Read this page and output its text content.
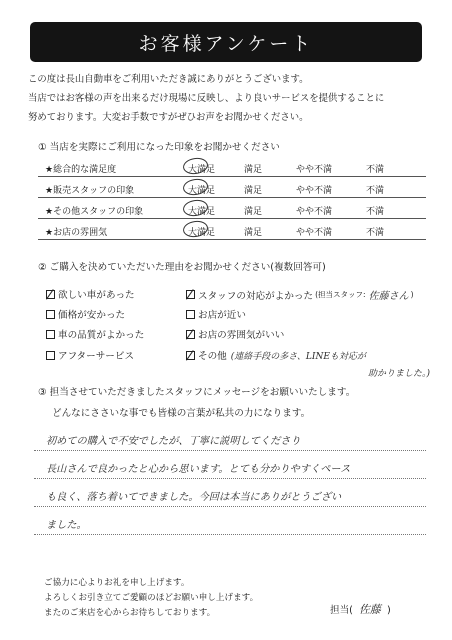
お客様アンケート
この度は長山自動車をご利用いただき誠にありがとうございます。
当店ではお客様の声を出来るだけ現場に反映し、より良いサービスを提供することに
努めております。大変お手数ですがぜひお声をお聞かせください。
① 当店を実際にご利用になった印象をお聞かせください
★総合的な満足度	大満足	満足	やや不満	不満
★販売スタッフの印象	大満足	満足	やや不満	不満
★その他スタッフの印象	大満足	満足	やや不満	不満
★お店の雰囲気	大満足	満足	やや不満	不満
② ご購入を決めていただいた理由をお聞かせください(複数回答可)
欲しい車があった	スタッフの対応がよかった (担当スタッフ: 佐藤さん )
価格が安かった	お店が近い
車の品質がよかった	お店の雰囲気がいい
アフターサービス	その他 (連絡手段の多さ、LINEも対応が
助かりました。)
③ 担当させていただきましたスタッフにメッセージをお願いいたします。
どんなにささいな事でも皆様の言葉が私共の力になります。
初めての購入で不安でしたが、丁寧に説明してくださり
長山さんで良かったと心から思います。とても分かりやすくペース
も良く、落ち着いてできました。今回は本当にありがとうござい
ました。
ご協力に心よりお礼を申し上げます。
よろしくお引き立てご愛顧のほどお願い申し上げます。
またのご来店を心からお待ちしております。	担当( 佐藤 )
